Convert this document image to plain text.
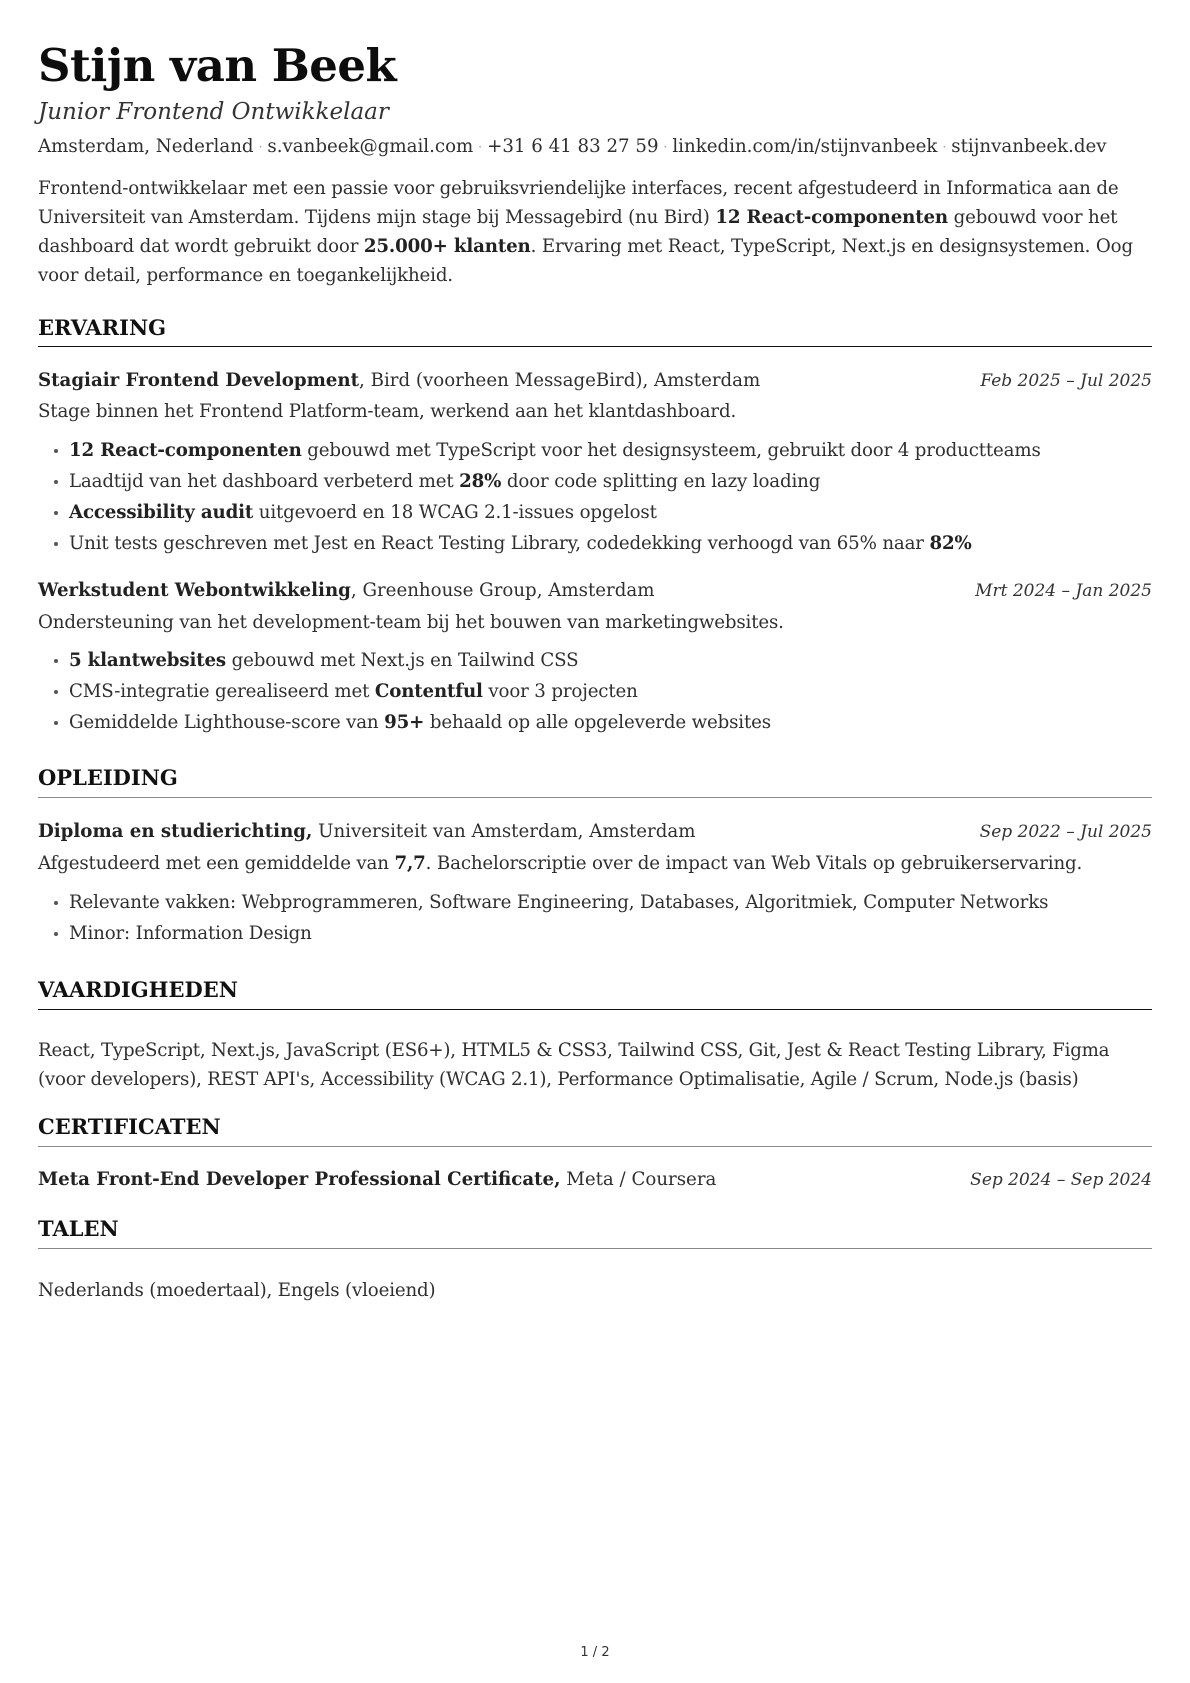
Stijn van Beek
Junior Frontend Ontwikkelaar
Amsterdam, Nederland · s.vanbeek@gmail.com · +31 6 41 83 27 59 · linkedin.com/in/stijnvanbeek · stijnvanbeek.dev

Frontend-ontwikkelaar met een passie voor gebruiksvriendelijke interfaces, recent afgestudeerd in Informatica aan de Universiteit van Amsterdam. Tijdens mijn stage bij Messagebird (nu Bird) 12 React-componenten gebouwd voor het dashboard dat wordt gebruikt door 25.000+ klanten. Ervaring met React, TypeScript, Next.js en designsystemen. Oog voor detail, performance en toegankelijkheid.

ERVARING
Stagiair Frontend Development, Bird (voorheen MessageBird), Amsterdam	Feb 2025 – Jul 2025
Stage binnen het Frontend Platform-team, werkend aan het klantdashboard.
12 React-componenten gebouwd met TypeScript voor het designsysteem, gebruikt door 4 productteams
Laadtijd van het dashboard verbeterd met 28% door code splitting en lazy loading
Accessibility audit uitgevoerd en 18 WCAG 2.1-issues opgelost
Unit tests geschreven met Jest en React Testing Library, codedekking verhoogd van 65% naar 82%
Werkstudent Webontwikkeling, Greenhouse Group, Amsterdam	Mrt 2024 – Jan 2025
Ondersteuning van het development-team bij het bouwen van marketingwebsites.
5 klantwebsites gebouwd met Next.js en Tailwind CSS
CMS-integratie gerealiseerd met Contentful voor 3 projecten
Gemiddelde Lighthouse-score van 95+ behaald op alle opgeleverde websites
OPLEIDING
Diploma en studierichting, Universiteit van Amsterdam, Amsterdam	Sep 2022 – Jul 2025
Afgestudeerd met een gemiddelde van 7,7. Bachelorscriptie over de impact van Web Vitals op gebruikerservaring.
Relevante vakken: Webprogrammeren, Software Engineering, Databases, Algoritmiek, Computer Networks
Minor: Information Design
VAARDIGHEDEN

React, TypeScript, Next.js, JavaScript (ES6+), HTML5 & CSS3, Tailwind CSS, Git, Jest & React Testing Library, Figma (voor developers), REST API's, Accessibility (WCAG 2.1), Performance Optimalisatie, Agile / Scrum, Node.js (basis)

CERTIFICATEN
Meta Front-End Developer Professional Certificate, Meta / Coursera	Sep 2024 – Sep 2024
TALEN
Nederlands (moedertaal), Engels (vloeiend)
1 / 2
